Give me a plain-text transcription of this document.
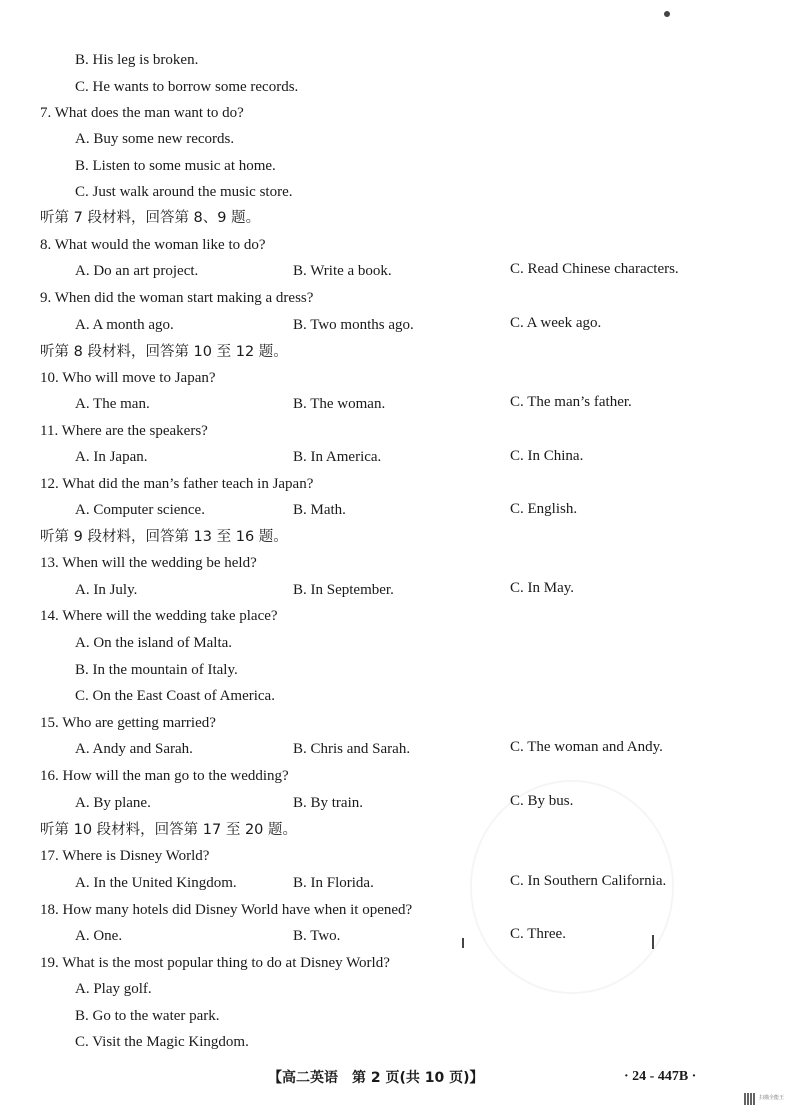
B. His leg is broken.
C. He wants to borrow some records.
7. What does the man want to do?
A. Buy some new records.
B. Listen to some music at home.
C. Just walk around the music store.
听第 7 段材料，回答第 8、9 题。
8. What would the woman like to do?
A. Do an art project.	B. Write a book.	C. Read Chinese characters.
9. When did the woman start making a dress?
A. A month ago.	B. Two months ago.	C. A week ago.
听第 8 段材料，回答第 10 至 12 题。
10. Who will move to Japan?
A. The man.	B. The woman.	C. The man’s father.
11. Where are the speakers?
A. In Japan.	B. In America.	C. In China.
12. What did the man’s father teach in Japan?
A. Computer science.	B. Math.	C. English.
听第 9 段材料，回答第 13 至 16 题。
13. When will the wedding be held?
A. In July.	B. In September.	C. In May.
14. Where will the wedding take place?
A. On the island of Malta.
B. In the mountain of Italy.
C. On the East Coast of America.
15. Who are getting married?
A. Andy and Sarah.	B. Chris and Sarah.	C. The woman and Andy.
16. How will the man go to the wedding?
A. By plane.	B. By train.	C. By bus.
听第 10 段材料，回答第 17 至 20 题。
17. Where is Disney World?
A. In the United Kingdom.	B. In Florida.	C. In Southern California.
18. How many hotels did Disney World have when it opened?
A. One.	B. Two.	C. Three.
19. What is the most popular thing to do at Disney World?
A. Play golf.
B. Go to the water park.
C. Visit the Magic Kingdom.
【高二英语　第 2 页(共 10 页)】	· 24 - 447B ·
扫描全能王
